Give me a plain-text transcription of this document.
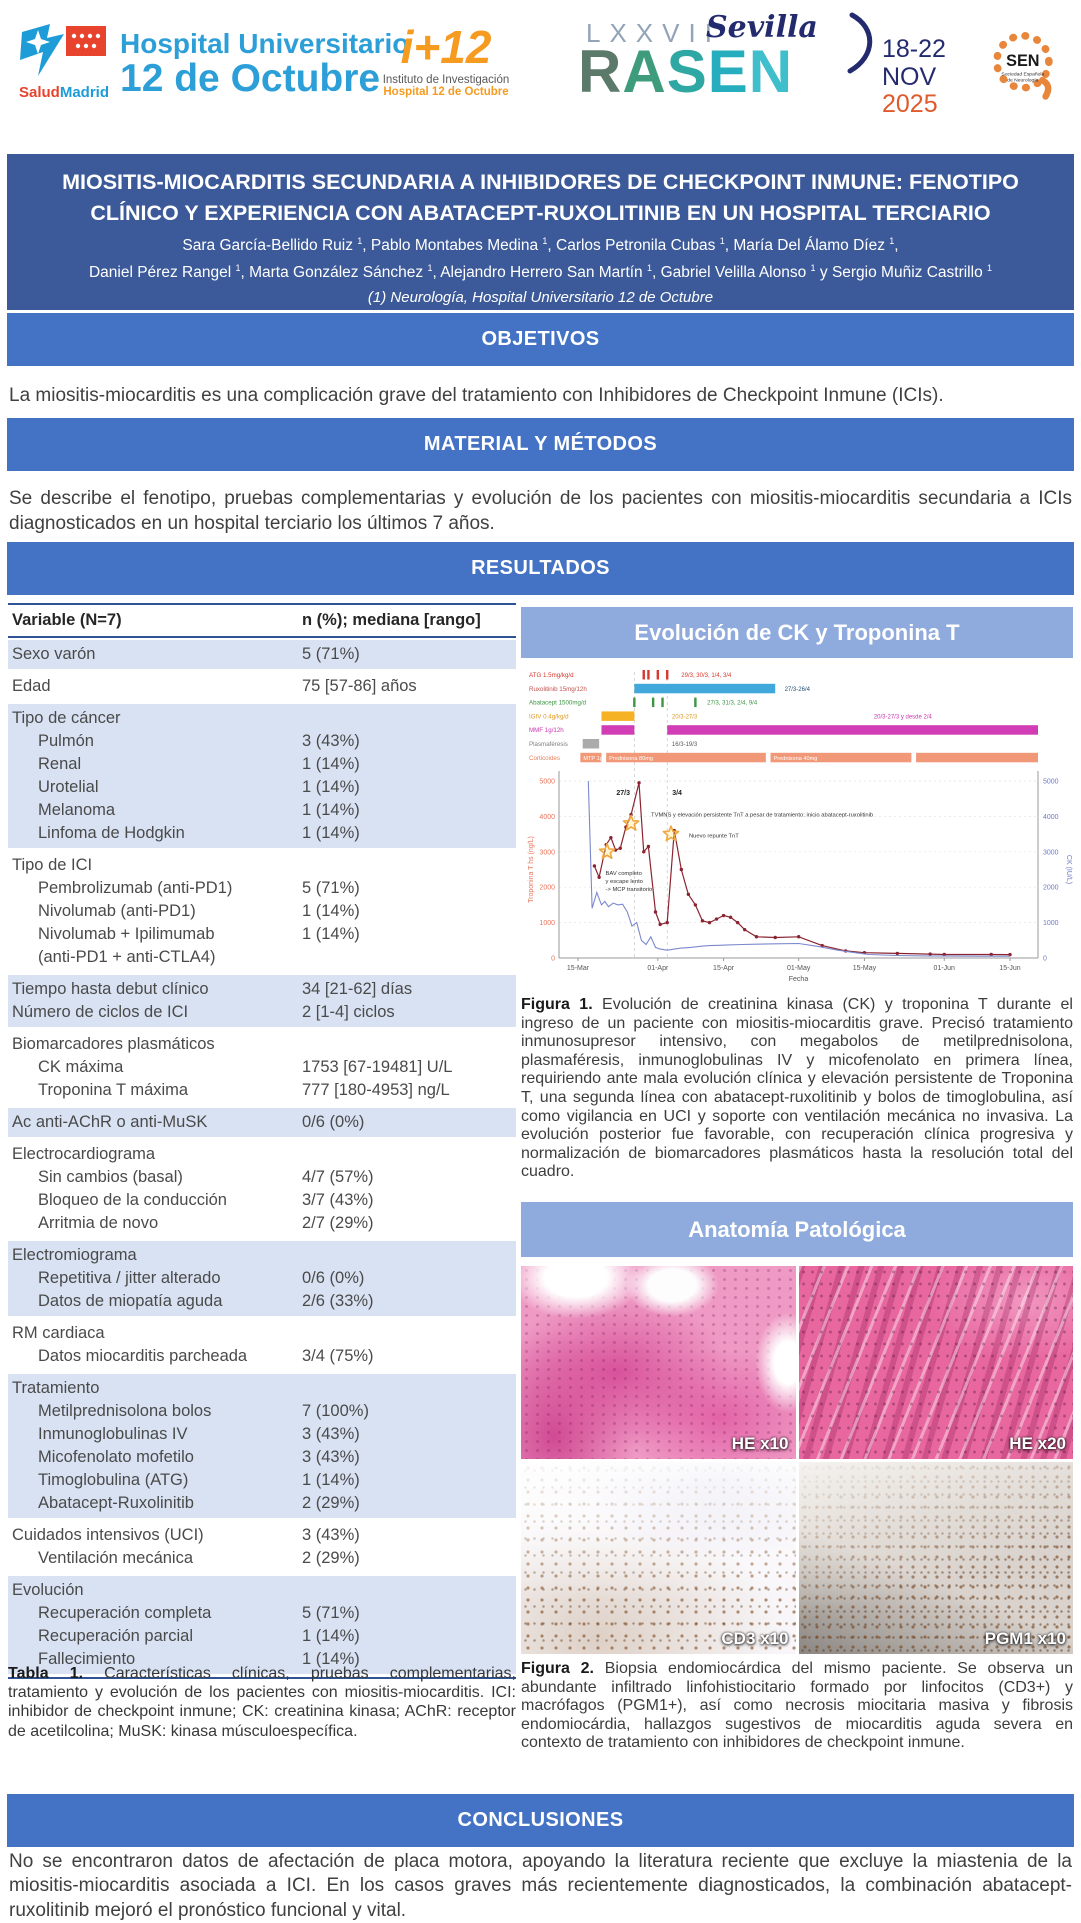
SaludMadrid
Hospital Universitario
12 de Octubre
i+12
Instituto de Investigación
Hospital 12 de Octubre
LXXVII
RASEN
Sevilla
18-22
NOV
2025
SEN
Sociedad Española
de Neurología
MIOSITIS-MIOCARDITIS SECUNDARIA A INHIBIDORES DE CHECKPOINT INMUNE: FENOTIPO
CLÍNICO Y EXPERIENCIA CON ABATACEPT-RUXOLITINIB EN UN HOSPITAL TERCIARIO
Sara García-Bellido Ruiz $^1$, Pablo Montabes Medina $^1$, Carlos Petronila Cubas $^1$, María Del Álamo Díez $^1$,
Daniel Pérez Rangel $^1$, Marta González Sánchez $^1$, Alejandro Herrero San Martín $^1$, Gabriel Velilla Alonso $^1$ y Sergio Muñiz Castrillo $^1$
(1) Neurología, Hospital Universitario 12 de Octubre
OBJETIVOS
La miositis-miocarditis es una complicación grave del tratamiento con Inhibidores de Checkpoint Inmune (ICIs).
MATERIAL Y MÉTODOS
Se describe el fenotipo, pruebas complementarias y evolución de los pacientes con miositis-miocarditis secundaria a ICIs diagnosticados en un hospital terciario los últimos 7 años.
RESULTADOS
Variable (N=7)	n (%); mediana [rango]
Sexo varón	5 (71%)
Edad	75 [57-86] años
Tipo de cáncer
Pulmón	3 (43%)
Renal	1 (14%)
Urotelial	1 (14%)
Melanoma	1 (14%)
Linfoma de Hodgkin	1 (14%)
Tipo de ICI
Pembrolizumab (anti-PD1)	5 (71%)
Nivolumab (anti-PD1)	1 (14%)
Nivolumab + Ipilimumab	1 (14%)
(anti-PD1 + anti-CTLA4)
Tiempo hasta debut clínico	34 [21-62] días
Número de ciclos de ICI	2 [1-4] ciclos
Biomarcadores plasmáticos
CK máxima	1753 [67-19481] U/L
Troponina T máxima	777 [180-4953] ng/L
Ac anti-AChR o anti-MuSK	0/6 (0%)
Electrocardiograma
Sin cambios (basal)	4/7 (57%)
Bloqueo de la conducción	3/7 (43%)
Arritmia de novo	2/7 (29%)
Electromiograma
Repetitiva / jitter alterado	0/6 (0%)
Datos de miopatía aguda	2/6 (33%)
RM cardiaca
Datos miocarditis parcheada	3/4 (75%)
Tratamiento
Metilprednisolona bolos	7 (100%)
Inmunoglobulinas IV	3 (43%)
Micofenolato mofetilo	3 (43%)
Timoglobulina (ATG)	1 (14%)
Abatacept-Ruxolinitib	2 (29%)
Cuidados intensivos (UCI)	3 (43%)
Ventilación mecánica	2 (29%)
Evolución
Recuperación completa	5 (71%)
Recuperación parcial	1 (14%)
Fallecimiento	1 (14%)
Tabla 1. Características clínicas, pruebas complementarias, tratamiento y evolución de los pacientes con miositis-miocarditis. ICI: inhibidor de checkpoint inmune; CK: creatinina kinasa; AChR: receptor de acetilcolina; MuSK: kinasa músculoespecífica.
Evolución de CK y Troponina T
0	0
1000	1000
2000	2000
3000	3000
4000	4000
5000	5000
15-Mar	01-Apr	15-Apr	01-May	15-May	01-Jun	15-Jun
Fecha
Troponina T hs (ng/L)	CK (IU/L)
ATG 1.5mg/kg/d	29/3, 30/3, 1/4, 3/4
Ruxolitinib 15mg/12h	27/3-26/4
Abatacept 1500mg/d	27/3, 31/3, 2/4, 9/4
IGIV 0.4g/kg/d	20/3-27/3	20/3-27/3 y desde 2/4
MMF 1g/12h
Plasmaféresis	16/3-19/3
Corticoides	MTP 1g Prednisona 80mg	Prednisona 40mg
27/3	3/4
TVMNS y elevación persistente TnT a pesar de tratamiento: inicio abatacept-ruxolitinib
Nuevo repunte TnT
BAV completo
y escape lento
-> MCP transitorio
Figura 1. Evolución de creatinina kinasa (CK) y troponina T durante el ingreso de un paciente con miositis-miocarditis grave. Precisó tratamiento inmunosupresor intensivo, con megabolos de metilprednisolona, plasmaféresis, inmunoglobulinas IV y micofenolato en primera línea, requiriendo ante mala evolución clínica y elevación persistente de Troponina T, una segunda línea con abatacept-ruxolitinib y bolos de timoglobulina, así como vigilancia en UCI y soporte con ventilación mecánica no invasiva. La evolución posterior fue favorable, con recuperación clínica progresiva y normalización de biomarcadores plasmáticos hasta la resolución total del cuadro.
Anatomía Patológica
HE x10	HE x20
CD3 x10	PGM1 x10
Figura 2. Biopsia endomiocárdica del mismo paciente. Se observa un abundante infiltrado linfohistiocitario formado por linfocitos (CD3+) y macrófagos (PGM1+), así como necrosis miocitaria masiva y fibrosis endomiocárdia, hallazgos sugestivos de miocarditis aguda severa en contexto de tratamiento con inhibidores de checkpoint inmune.
CONCLUSIONES
No se encontraron datos de afectación de placa motora, apoyando la literatura reciente que excluye la miastenia de la miositis-miocarditis asociada a ICI. En los casos graves más recientemente diagnosticados, la combinación abatacept-ruxolitinib mejoró el pronóstico funcional y vital.
